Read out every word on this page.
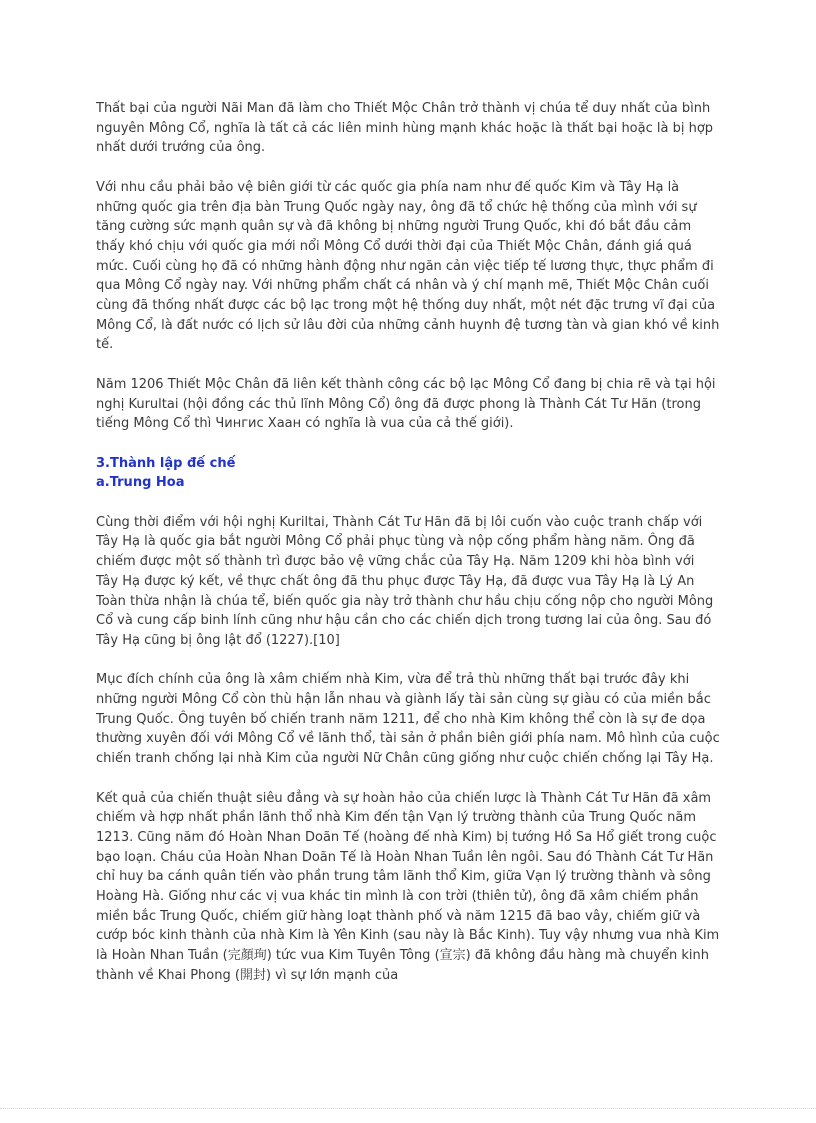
Thất bại của người Nãi Man đã làm cho Thiết Mộc Chân trở thành vị chúa tể duy nhất của bình nguyên Mông Cổ, nghĩa là tất cả các liên minh hùng mạnh khác hoặc là thất bại hoặc là bị hợp nhất dưới trướng của ông.

Với nhu cầu phải bảo vệ biên giới từ các quốc gia phía nam như đế quốc Kim và Tây Hạ là những quốc gia trên địa bàn Trung Quốc ngày nay, ông đã tổ chức hệ thống của mình với sự tăng cường sức mạnh quân sự và đã không bị những người Trung Quốc, khi đó bắt đầu cảm thấy khó chịu với quốc gia mới nổi Mông Cổ dưới thời đại của Thiết Mộc Chân, đánh giá quá mức. Cuối cùng họ đã có những hành động như ngăn cản việc tiếp tế lương thực, thực phẩm đi qua Mông Cổ ngày nay. Với những phẩm chất cá nhân và ý chí mạnh mẽ, Thiết Mộc Chân cuối cùng đã thống nhất được các bộ lạc trong một hệ thống duy nhất, một nét đặc trưng vĩ đại của Mông Cổ, là đất nước có lịch sử lâu đời của những cảnh huynh đệ tương tàn và gian khó về kinh tế.

Năm 1206 Thiết Mộc Chân đã liên kết thành công các bộ lạc Mông Cổ đang bị chia rẽ và tại hội nghị Kurultai (hội đồng các thủ lĩnh Mông Cổ) ông đã được phong là Thành Cát Tư Hãn (trong tiếng Mông Cổ thì Чингис Хаан có nghĩa là vua của cả thế giới).

3.Thành lập đế chế

a.Trung Hoa

Cùng thời điểm với hội nghị Kuriltai, Thành Cát Tư Hãn đã bị lôi cuốn vào cuộc tranh chấp với Tây Hạ là quốc gia bắt người Mông Cổ phải phục tùng và nộp cống phẩm hàng năm. Ông đã chiếm được một số thành trì được bảo vệ vững chắc của Tây Hạ. Năm 1209 khi hòa bình với Tây Hạ được ký kết, về thực chất ông đã thu phục được Tây Hạ, đã được vua Tây Hạ là Lý An Toàn thừa nhận là chúa tể, biến quốc gia này trở thành chư hầu chịu cống nộp cho người Mông Cổ và cung cấp binh lính cũng như hậu cần cho các chiến dịch trong tương lai của ông. Sau đó Tây Hạ cũng bị ông lật đổ (1227).[10]

Mục đích chính của ông là xâm chiếm nhà Kim, vừa để trả thù những thất bại trước đây khi những người Mông Cổ còn thù hận lẫn nhau và giành lấy tài sản cùng sự giàu có của miền bắc Trung Quốc. Ông tuyên bố chiến tranh năm 1211, để cho nhà Kim không thể còn là sự đe dọa thường xuyên đối với Mông Cổ về lãnh thổ, tài sản ở phần biên giới phía nam. Mô hình của cuộc chiến tranh chống lại nhà Kim của người Nữ Chân cũng giống như cuộc chiến chống lại Tây Hạ.

Kết quả của chiến thuật siêu đẳng và sự hoàn hảo của chiến lược là Thành Cát Tư Hãn đã xâm chiếm và hợp nhất phần lãnh thổ nhà Kim đến tận Vạn lý trường thành của Trung Quốc năm 1213. Cũng năm đó Hoàn Nhan Doãn Tế (hoàng đế nhà Kim) bị tướng Hồ Sa Hổ giết trong cuộc bạo loạn. Cháu của Hoàn Nhan Doãn Tế là Hoàn Nhan Tuần lên ngôi. Sau đó Thành Cát Tư Hãn chỉ huy ba cánh quân tiến vào phần trung tâm lãnh thổ Kim, giữa Vạn lý trường thành và sông Hoàng Hà. Giống như các vị vua khác tin mình là con trời (thiên tử), ông đã xâm chiếm phần miền bắc Trung Quốc, chiếm giữ hàng loạt thành phố và năm 1215 đã bao vây, chiếm giữ và cướp bóc kinh thành của nhà Kim là Yên Kinh (sau này là Bắc Kinh). Tuy vậy nhưng vua nhà Kim là Hoàn Nhan Tuần (完顏珣) tức vua Kim Tuyên Tông (宣宗) đã không đầu hàng mà chuyển kinh thành về Khai Phong (開封) vì sự lớn mạnh của
